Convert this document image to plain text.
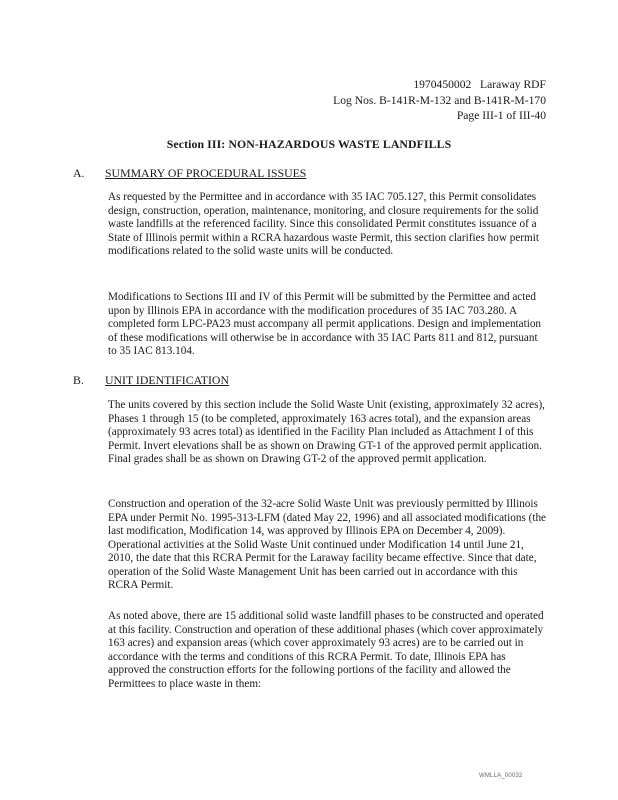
1970450002   Laraway RDF
Log Nos. B-141R-M-132 and B-141R-M-170
Page III-1 of III-40
Section III: NON-HAZARDOUS WASTE LANDFILLS
A. SUMMARY OF PROCEDURAL ISSUES

As requested by the Permittee and in accordance with 35 IAC 705.127, this Permit consolidates design, construction, operation, maintenance, monitoring, and closure requirements for the solid waste landfills at the referenced facility. Since this consolidated Permit constitutes issuance of a State of Illinois permit within a RCRA hazardous waste Permit, this section clarifies how permit modifications related to the solid waste units will be conducted.

Modifications to Sections III and IV of this Permit will be submitted by the Permittee and acted upon by Illinois EPA in accordance with the modification procedures of 35 IAC 703.280. A completed form LPC-PA23 must accompany all permit applications. Design and implementation of these modifications will otherwise be in accordance with 35 IAC Parts 811 and 812, pursuant to 35 IAC 813.104.

B. UNIT IDENTIFICATION

The units covered by this section include the Solid Waste Unit (existing, approximately 32 acres), Phases 1 through 15 (to be completed, approximately 163 acres total), and the expansion areas (approximately 93 acres total) as identified in the Facility Plan included as Attachment I of this Permit. Invert elevations shall be as shown on Drawing GT-1 of the approved permit application. Final grades shall be as shown on Drawing GT-2 of the approved permit application.

Construction and operation of the 32-acre Solid Waste Unit was previously permitted by Illinois EPA under Permit No. 1995-313-LFM (dated May 22, 1996) and all associated modifications (the last modification, Modification 14, was approved by Illinois EPA on December 4, 2009). Operational activities at the Solid Waste Unit continued under Modification 14 until June 21, 2010, the date that this RCRA Permit for the Laraway facility became effective. Since that date, operation of the Solid Waste Management Unit has been carried out in accordance with this RCRA Permit.

As noted above, there are 15 additional solid waste landfill phases to be constructed and operated at this facility. Construction and operation of these additional phases (which cover approximately 163 acres) and expansion areas (which cover approximately 93 acres) are to be carried out in accordance with the terms and conditions of this RCRA Permit. To date, Illinois EPA has approved the construction efforts for the following portions of the facility and allowed the Permittees to place waste in them:

WMLLA_00032
